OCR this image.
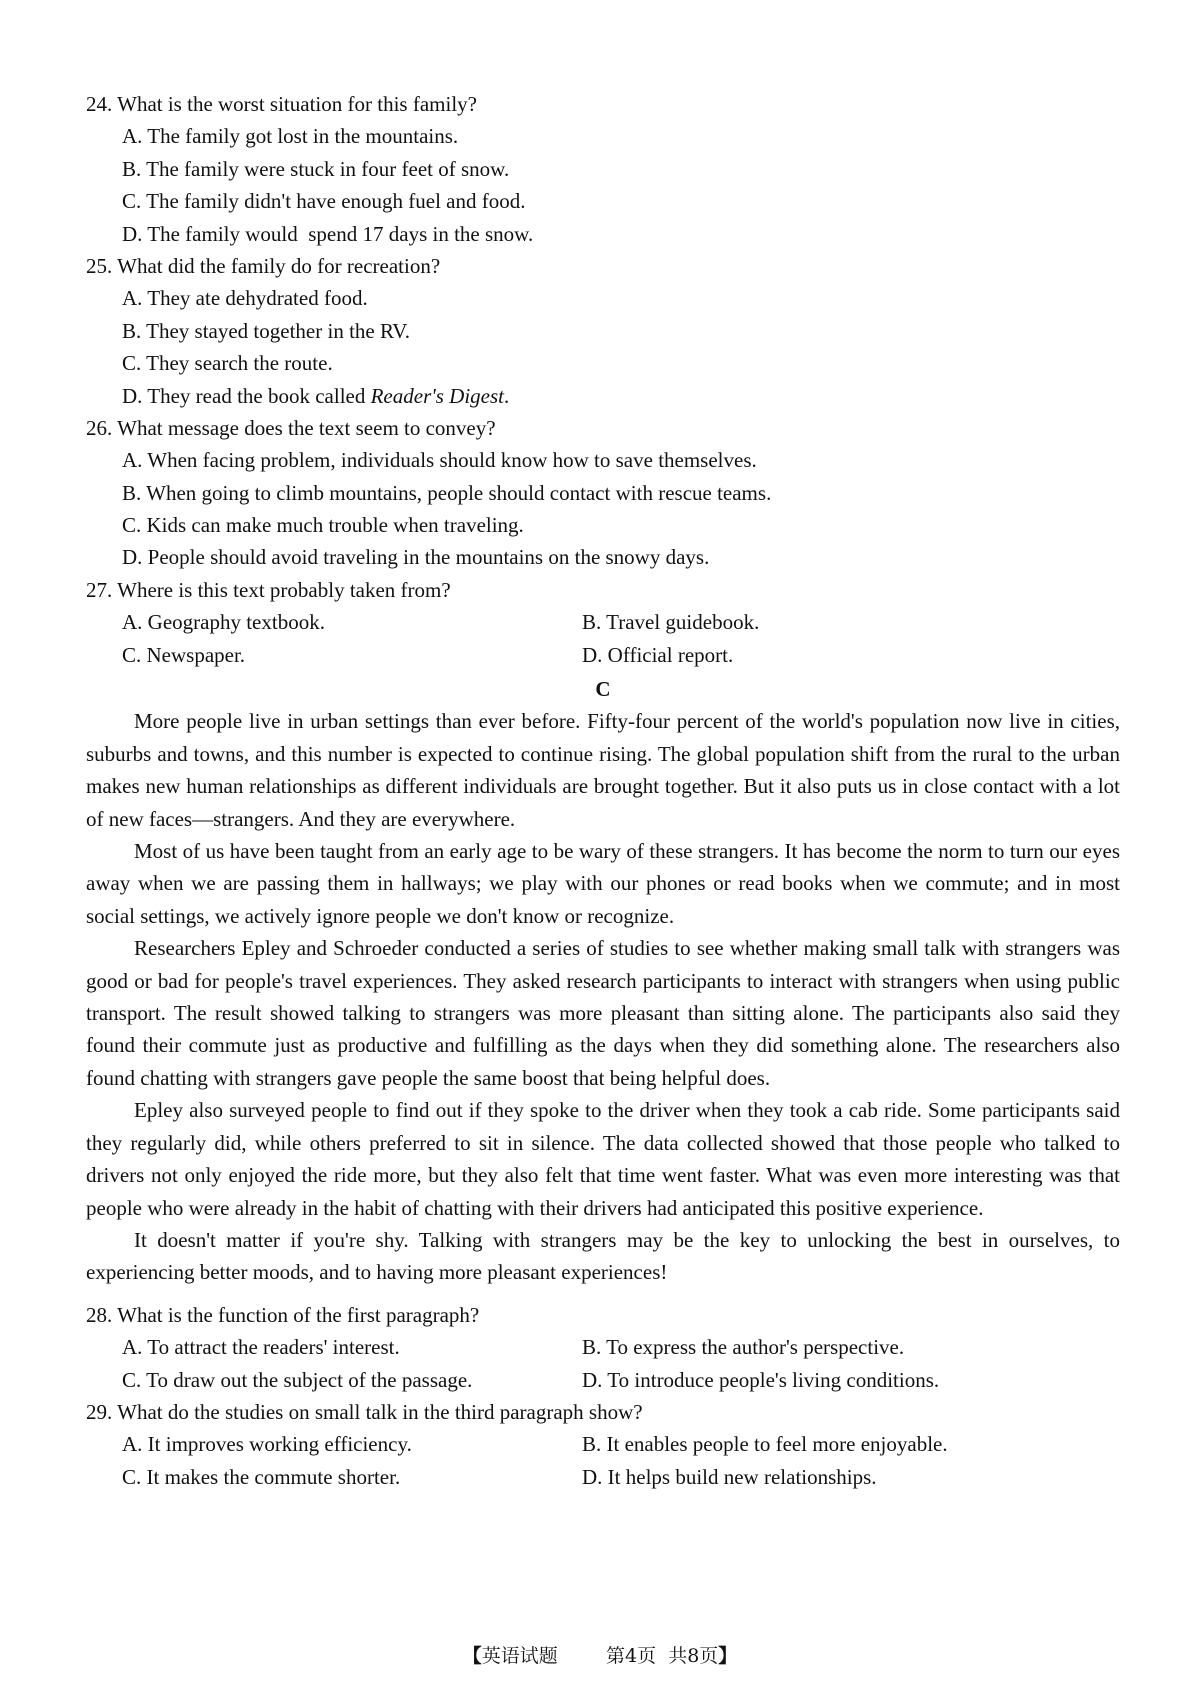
24. What is the worst situation for this family?
A. The family got lost in the mountains.
B. The family were stuck in four feet of snow.
C. The family didn't have enough fuel and food.
D. The family would  spend 17 days in the snow.
25. What did the family do for recreation?
A. They ate dehydrated food.
B. They stayed together in the RV.
C. They search the route.
D. They read the book called Reader's Digest.
26. What message does the text seem to convey?
A. When facing problem, individuals should know how to save themselves.
B. When going to climb mountains, people should contact with rescue teams.
C. Kids can make much trouble when traveling.
D. People should avoid traveling in the mountains on the snowy days.
27. Where is this text probably taken from?
A. Geography textbook.	B. Travel guidebook.
C. Newspaper.	D. Official report.
C

More people live in urban settings than ever before. Fifty-four percent of the world's population now live in cities, suburbs and towns, and this number is expected to continue rising. The global population shift from the rural to the urban makes new human relationships as different individuals are brought together. But it also puts us in close contact with a lot of new faces—strangers. And they are everywhere.

Most of us have been taught from an early age to be wary of these strangers. It has become the norm to turn our eyes away when we are passing them in hallways; we play with our phones or read books when we commute; and in most social settings, we actively ignore people we don't know or recognize.

Researchers Epley and Schroeder conducted a series of studies to see whether making small talk with strangers was good or bad for people's travel experiences. They asked research participants to interact with strangers when using public transport. The result showed talking to strangers was more pleasant than sitting alone. The participants also said they found their commute just as productive and fulfilling as the days when they did something alone. The researchers also found chatting with strangers gave people the same boost that being helpful does.

Epley also surveyed people to find out if they spoke to the driver when they took a cab ride. Some participants said they regularly did, while others preferred to sit in silence. The data collected showed that those people who talked to drivers not only enjoyed the ride more, but they also felt that time went faster. What was even more interesting was that people who were already in the habit of chatting with their drivers had anticipated this positive experience.

It doesn't matter if you're shy. Talking with strangers may be the key to unlocking the best in ourselves, to experiencing better moods, and to having more pleasant experiences!

28. What is the function of the first paragraph?
A. To attract the readers' interest.	B. To express the author's perspective.
C. To draw out the subject of the passage.	D. To introduce people's living conditions.
29. What do the studies on small talk in the third paragraph show?
A. It improves working efficiency.	B. It enables people to feel more enjoyable.
C. It makes the commute shorter.	D. It helps build new relationships.
【英语试题	第4页  共8页】
